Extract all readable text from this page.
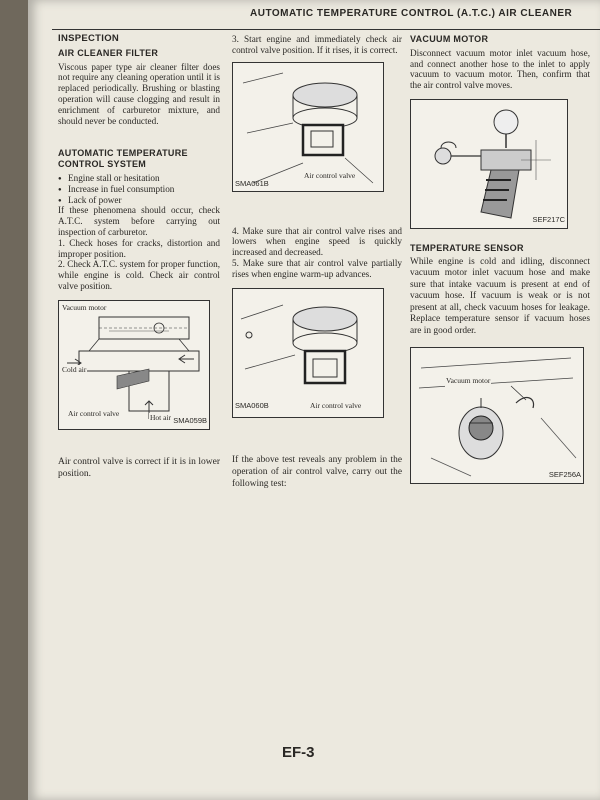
AUTOMATIC TEMPERATURE CONTROL (A.T.C.) AIR CLEANER
INSPECTION
AIR CLEANER FILTER

Viscous paper type air cleaner filter does not require any cleaning operation until it is replaced periodically. Brushing or blasting operation will cause clogging and result in enrichment of carburetor mixture, and should never be conducted.

AUTOMATIC TEMPERATURE CONTROL SYSTEM
● Engine stall or hesitation
● Increase in fuel consumption
● Lack of power

If these phenomena should occur, check A.T.C. system before carrying out inspection of carburetor.

1. Check hoses for cracks, distortion and improper position.

2. Check A.T.C. system for proper function, while engine is cold. Check air control valve position.

Vacuum motor
Cold air
Air control valve	Hot air SMA059B

Air control valve is correct if it is in lower position.

3. Start engine and immediately check air control valve position. If it rises, it is correct.

Air control valve
SMA061B

4. Make sure that air control valve rises and lowers when engine speed is quickly increased and decreased.

5. Make sure that air control valve partially rises when engine warm-up advances.

Air control valve
SMA060B

If the above test reveals any problem in the operation of air control valve, carry out the following test:

VACUUM MOTOR

Disconnect vacuum motor inlet vacuum hose, and connect another hose to the inlet to apply vacuum to vacuum motor. Then, confirm that the air control valve moves.

SEF217C
TEMPERATURE SENSOR

While engine is cold and idling, disconnect vacuum motor inlet vacuum hose and make sure that intake vacuum is present at end of vacuum hose. If vacuum is weak or is not present at all, check vacuum hoses for leakage. Replace temperature sensor if vacuum hoses are in good order.

Vacuum motor
SEF256A
EF-3
